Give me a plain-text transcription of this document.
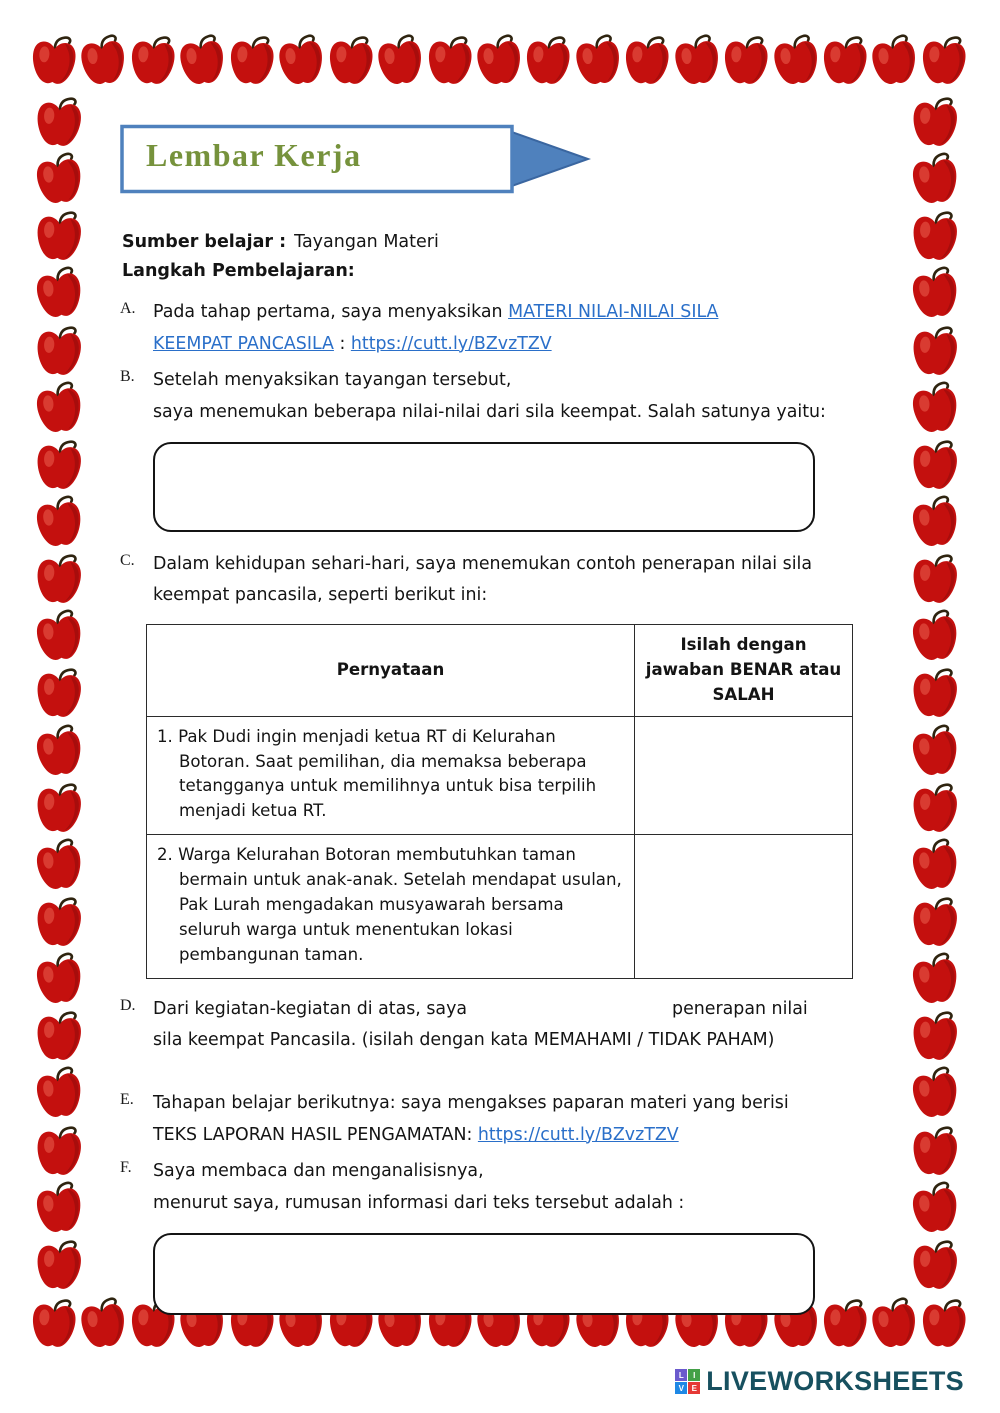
Lembar Kerja

Sumber belajar : Tayangan Materi

Langkah Pembelajaran:

A.	Pada tahap pertama, saya menyaksikan MATERI NILAI-NILAI SILA
KEEMPAT PANCASILA : https://cutt.ly/BZvzTZV
B.	Setelah menyaksikan tayangan tersebut,
saya menemukan beberapa nilai-nilai dari sila keempat. Salah satunya yaitu:
C.	Dalam kehidupan sehari-hari, saya menemukan contoh penerapan nilai sila keempat pancasila, seperti berikut ini:
Pernyataan	Isilah dengan jawaban BENAR atau SALAH
1. Pak Dudi ingin menjadi ketua RT di Kelurahan Botoran. Saat pemilihan, dia memaksa beberapa tetangganya untuk memilihnya untuk bisa terpilih menjadi ketua RT.	
2. Warga Kelurahan Botoran membutuhkan taman bermain untuk anak-anak. Setelah mendapat usulan, Pak Lurah mengadakan musyawarah bersama seluruh warga untuk menentukan lokasi pembangunan taman.	
D.	Dari kegiatan-kegiatan di atas, saya	penerapan nilai
sila keempat Pancasila. (isilah dengan kata MEMAHAMI / TIDAK PAHAM)
E.	Tahapan belajar berikutnya: saya mengakses paparan materi yang berisi
TEKS LAPORAN HASIL PENGAMATAN: https://cutt.ly/BZvzTZV
F.	Saya membaca dan menganalisisnya,
menurut saya, rumusan informasi dari teks tersebut adalah :
L	I
V E LIVEWORKSHEETS
